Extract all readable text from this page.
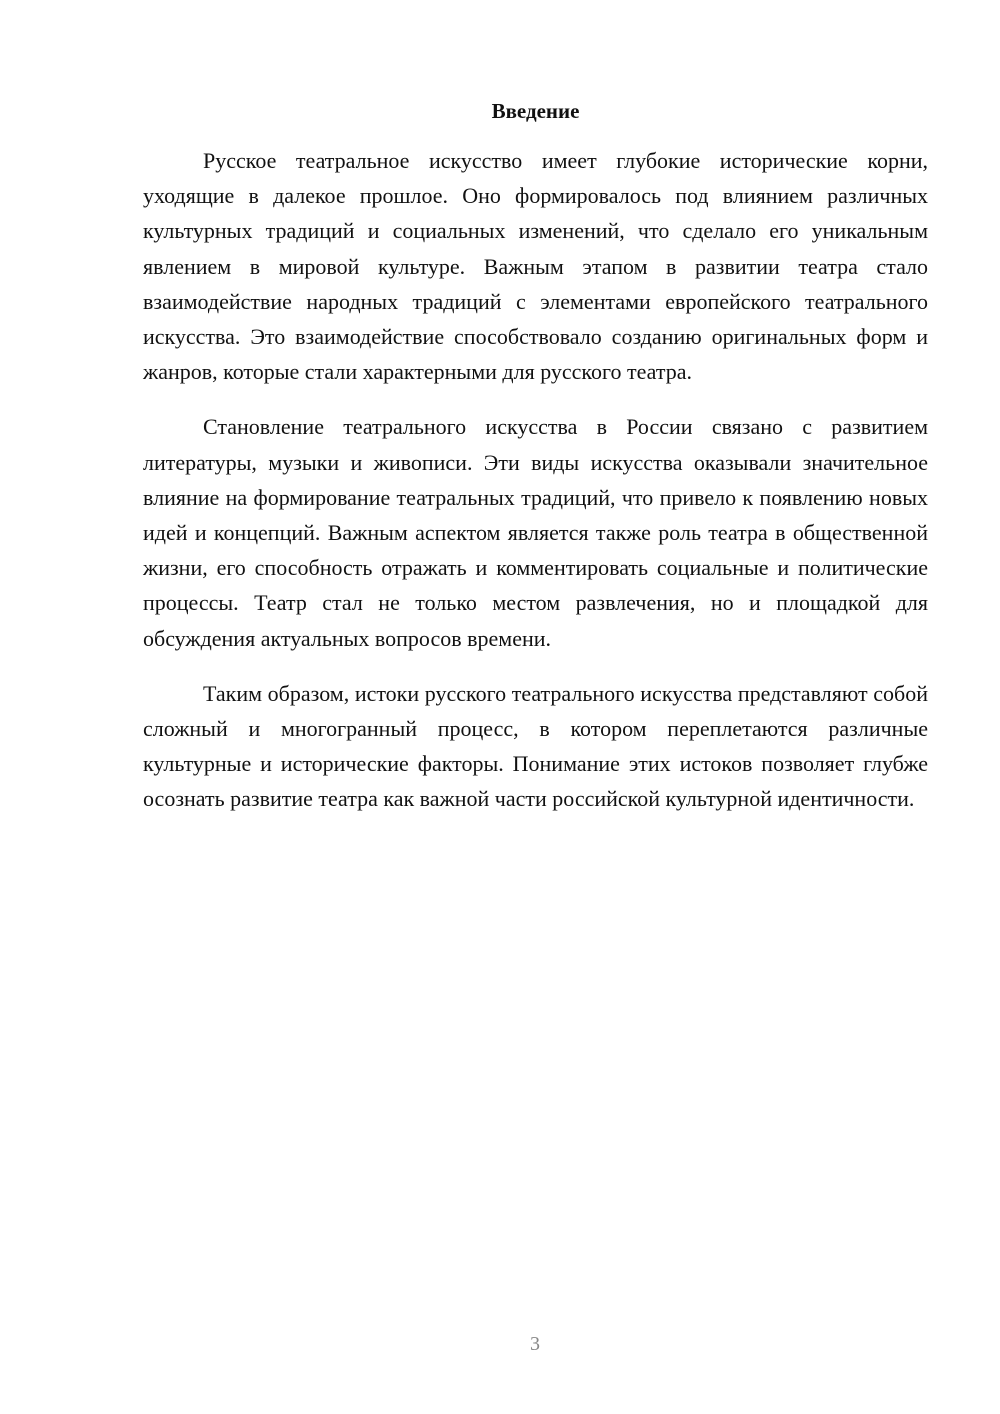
Введение

Русское театральное искусство имеет глубокие исторические корни, уходящие в далекое прошлое. Оно формировалось под влиянием различных культурных традиций и социальных изменений, что сделало его уникальным явлением в мировой культуре. Важным этапом в развитии театра стало взаимодействие народных традиций с элементами европейского театрального искусства. Это взаимодействие способствовало созданию оригинальных форм и жанров, которые стали характерными для русского театра.

Становление театрального искусства в России связано с развитием литературы, музыки и живописи. Эти виды искусства оказывали значительное влияние на формирование театральных традиций, что привело к появлению новых идей и концепций. Важным аспектом является также роль театра в общественной жизни, его способность отражать и комментировать социальные и политические процессы. Театр стал не только местом развлечения, но и площадкой для обсуждения актуальных вопросов времени.

Таким образом, истоки русского театрального искусства представляют собой сложный и многогранный процесс, в котором переплетаются различные культурные и исторические факторы. Понимание этих истоков позволяет глубже осознать развитие театра как важной части российской культурной идентичности.

3
